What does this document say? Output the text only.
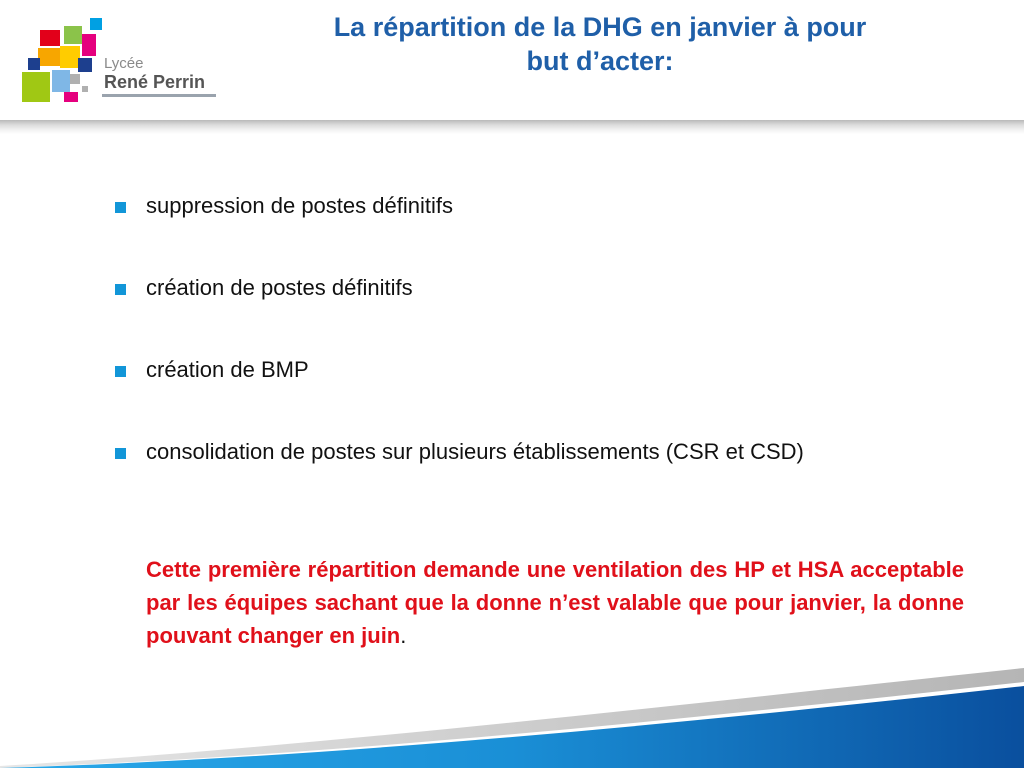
Lycée
René Perrin
La répartition de la DHG en janvier à pour
but d’acter:
suppression de postes définitifs
création de postes définitifs
création de BMP
consolidation de postes sur plusieurs établissements (CSR et CSD)

Cette première répartition demande une ventilation des HP et HSA acceptable par les équipes sachant que la donne n’est valable que pour janvier, la donne pouvant changer en juin.
